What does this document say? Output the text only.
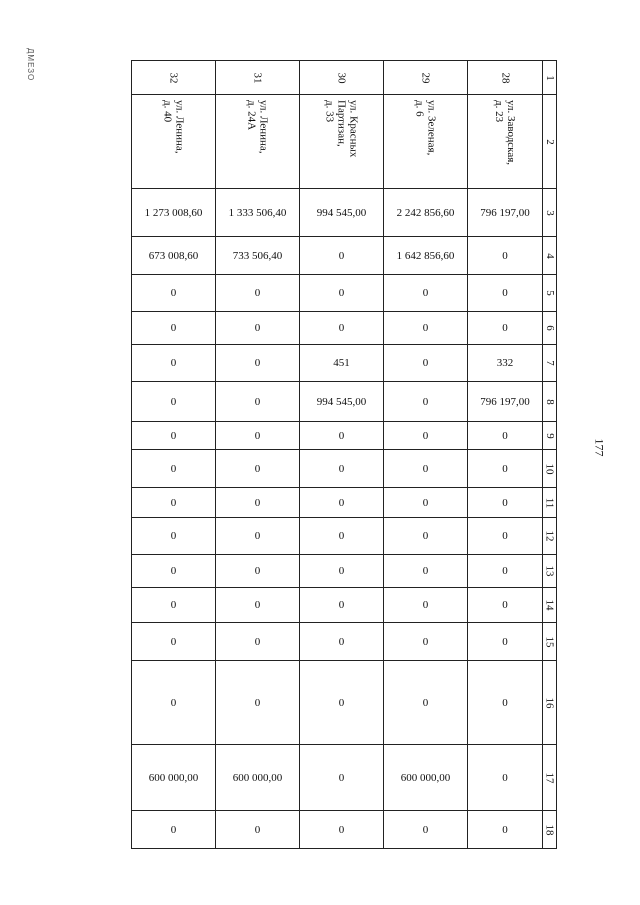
ДМЕЗО
177
32	31	30	29	28	1

ул. Ленина,
д. 40	ул. Ленина,
д. 24А	ул. Красных
Партизан,
д. 33	ул. Зеленая,
д. 6	ул. Заводская,
д. 23	2
1 273 008,60	1 333 506,40	994 545,00	2 242 856,60	796 197,00	3
673 008,60	733 506,40	0	1 642 856,60	0	4
0	0	0	0	0	5
0	0	0	0	0	6
0	0	451	0	332	7
0	0	994 545,00	0	796 197,00	8
0	0	0	0	0	9
0	0	0	0	0	10
0	0	0	0	0	11
0	0	0	0	0	12
0	0	0	0	0	13
0	0	0	0	0	14
0	0	0	0	0	15
0	0	0	0	0	16
600 000,00	600 000,00	0	600 000,00	0	17
0	0	0	0	0	18
